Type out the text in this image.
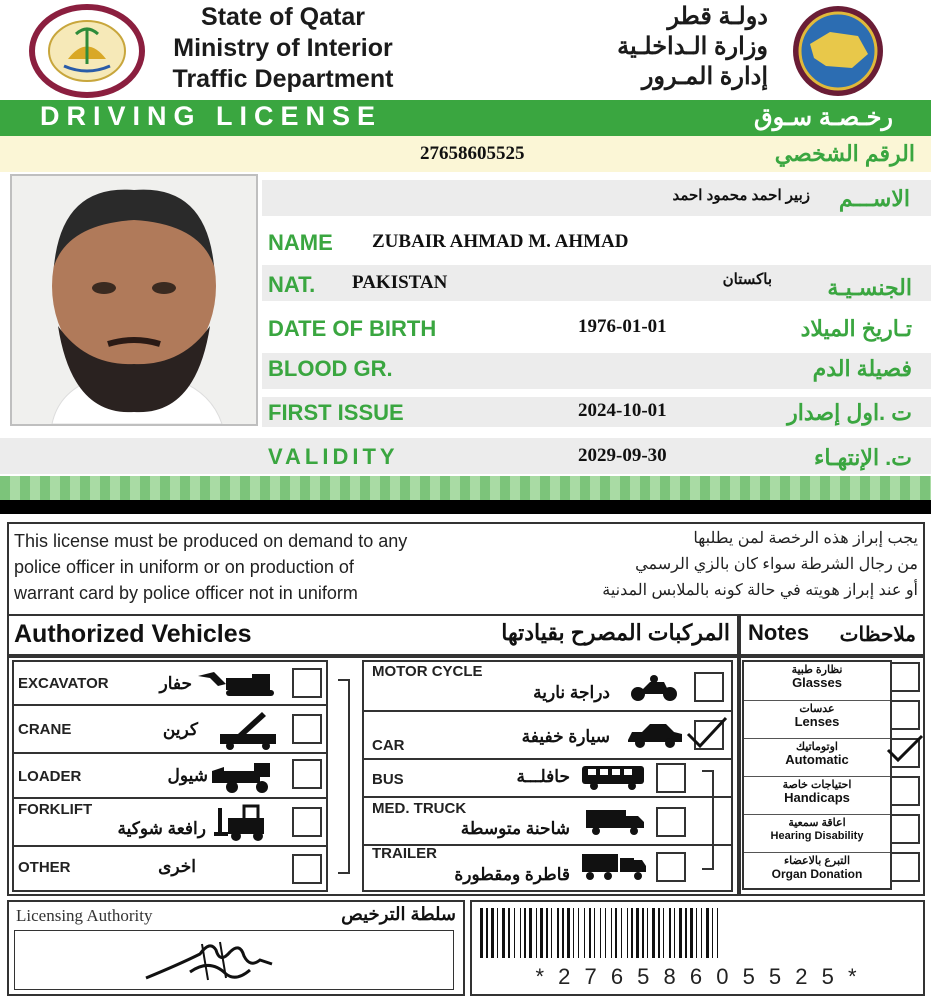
State of Qatar
Ministry of Interior
Traffic Department
دولـة قطر
وزارة الـداخلـية
إدارة المـرور
DRIVING LICENSE	رخـصـة سـوق
27658605525	الرقم الشخصي
زبير احمد محمود احمد	الاســـم
NAME ZUBAIR AHMAD M. AHMAD
NAT. PAKISTAN	باكستان	الجنسـيـة
DATE OF BIRTH	1976-01-01	تـاريخ الميلاد
BLOOD GR.	فصيلة الدم
FIRST ISSUE	2024-10-01	ت .اول إصدار
VALIDITY	2029-09-30	ت. الإنتهـاء
This license must be produced on demand to any
police officer in uniform or on production of
warrant card by police officer not in uniform
يجب إبراز هذه الرخصة لمن يطلبها
من رجال الشرطة سواء كان بالزي الرسمي
أو عند إبراز هويته في حالة كونه بالملابس المدنية
Authorized Vehicles	المركبات المصرح بقيادتها Notes	ملاحظات
EXCAVATOR	حفار
CRANE	كرين
LOADER	شيول
FORKLIFT
رافعة شوكية
OTHER	اخرى
MOTOR CYCLE
دراجة نارية
CAR	سيارة خفيفة
BUS	حافلـــة
MED. TRUCK
شاحنة متوسطة
TRAILER
قاطرة ومقطورة
نظارة طبية
Glasses
عدسات
Lenses
اوتوماتيك
Automatic
احتياجات خاصة
Handicaps
اعاقة سمعية
Hearing Disability
التبرع بالاعضاء
Organ Donation
Licensing Authority	سلطة الترخيص
* 2 7 6 5 8 6 0 5 5 2 5 *
